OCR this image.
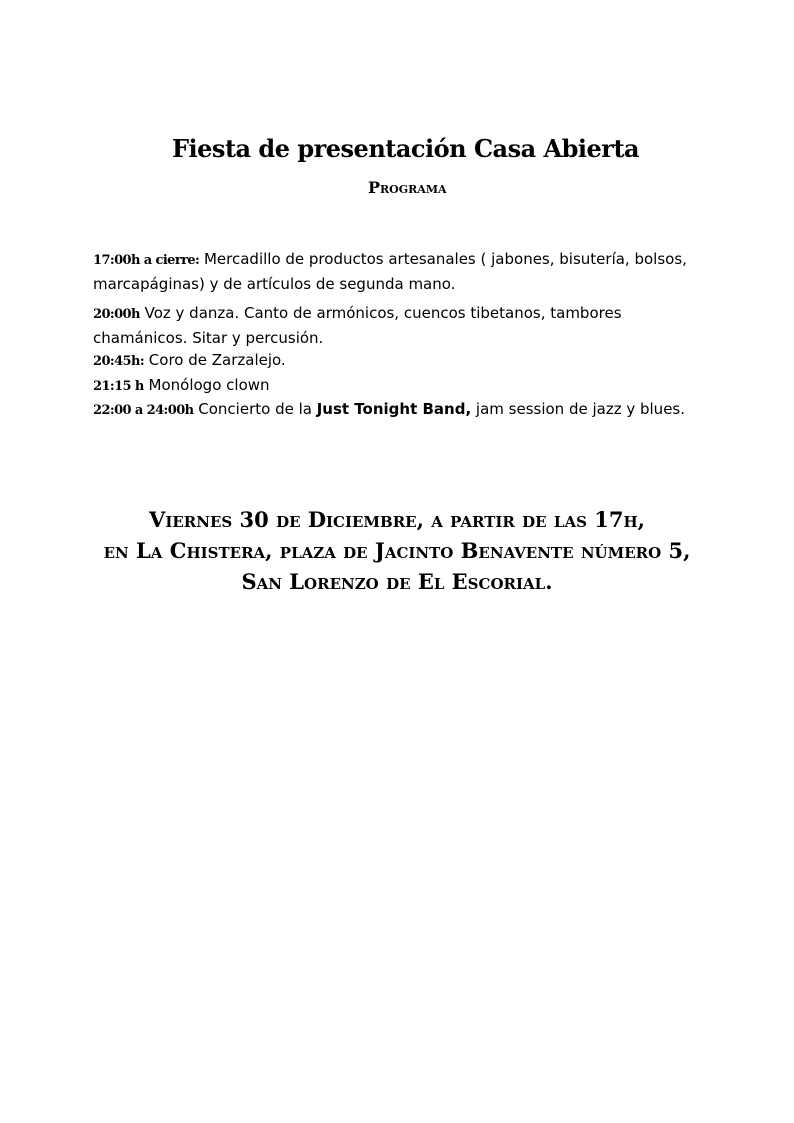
Fiesta de presentación Casa Abierta
Programa

17:00h a cierre: Mercadillo de productos artesanales ( jabones, bisutería, bolsos, marcapáginas) y de artículos de segunda mano.

20:00h Voz y danza. Canto de armónicos, cuencos tibetanos, tambores chamánicos. Sitar y percusión.

20:45h: Coro de Zarzalejo.

21:15 h Monólogo clown

22:00 a 24:00h Concierto de la Just Tonight Band, jam session de jazz y blues.

Viernes 30 de Diciembre, a partir de las 17h,
en La Chistera, plaza de Jacinto Benavente número 5,
San Lorenzo de El Escorial.
